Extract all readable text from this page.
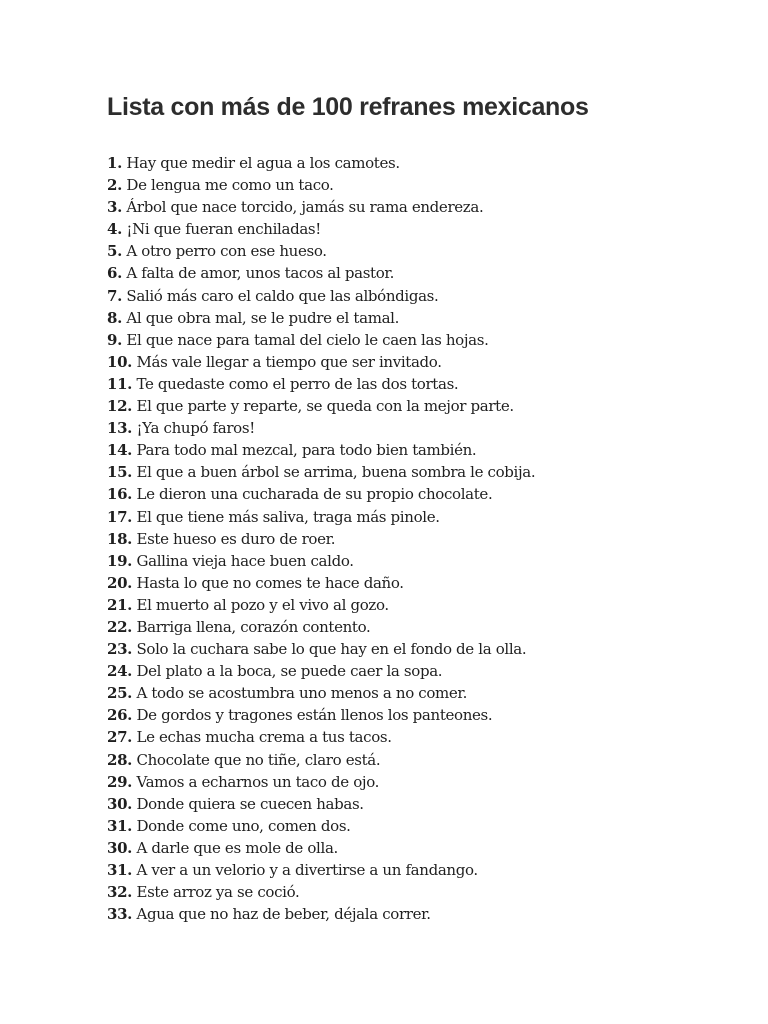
Lista con más de 100 refranes mexicanos
1. Hay que medir el agua a los camotes.
2. De lengua me como un taco.
3. Árbol que nace torcido, jamás su rama endereza.
4. ¡Ni que fueran enchiladas!
5. A otro perro con ese hueso.
6. A falta de amor, unos tacos al pastor.
7. Salió más caro el caldo que las albóndigas.
8. Al que obra mal, se le pudre el tamal.
9. El que nace para tamal del cielo le caen las hojas.
10. Más vale llegar a tiempo que ser invitado.
11. Te quedaste como el perro de las dos tortas.
12. El que parte y reparte, se queda con la mejor parte.
13. ¡Ya chupó faros!
14. Para todo mal mezcal, para todo bien también.
15. El que a buen árbol se arrima, buena sombra le cobija.
16. Le dieron una cucharada de su propio chocolate.
17. El que tiene más saliva, traga más pinole.
18. Este hueso es duro de roer.
19. Gallina vieja hace buen caldo.
20. Hasta lo que no comes te hace daño.
21. El muerto al pozo y el vivo al gozo.
22. Barriga llena, corazón contento.
23. Solo la cuchara sabe lo que hay en el fondo de la olla.
24. Del plato a la boca, se puede caer la sopa.
25. A todo se acostumbra uno menos a no comer.
26. De gordos y tragones están llenos los panteones.
27. Le echas mucha crema a tus tacos.
28. Chocolate que no tiñe, claro está.
29. Vamos a echarnos un taco de ojo.
30. Donde quiera se cuecen habas.
31. Donde come uno, comen dos.
30. A darle que es mole de olla.
31. A ver a un velorio y a divertirse a un fandango.
32. Este arroz ya se coció.
33. Agua que no haz de beber, déjala correr.
